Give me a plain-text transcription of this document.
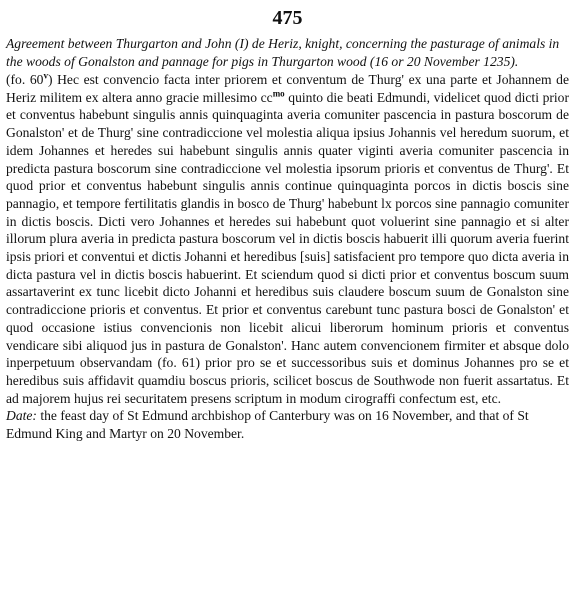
475

Agreement between Thurgarton and John (I) de Heriz, knight, concerning the pasturage of animals in the woods of Gonalston and pannage for pigs in Thurgarton wood (16 or 20 November 1235).

(fo. 60$^v$) Hec est convencio facta inter priorem et conventum de Thurg' ex una parte et Johannem de Heriz militem ex altera anno gracie millesimo $cc^{mo}$ quinto die beati Edmundi, videlicet quod dicti prior et conventus habebunt singulis annis quinquaginta averia comuniter pascencia in pastura boscorum de Gonalston' et de Thurg' sine contradiccione vel molestia aliqua ipsius Johannis vel heredum suorum, et idem Johannes et heredes sui habebunt singulis annis quater viginti averia comuniter pascencia in predicta pastura boscorum sine contradiccione vel molestia ipsorum prioris et conventus de Thurg'. Et quod prior et conventus habebunt singulis annis continue quinquaginta porcos in dictis boscis sine pannagio, et tempore fertilitatis glandis in bosco de Thurg' habebunt lx porcos sine pannagio comuniter in dictis boscis. Dicti vero Johannes et heredes sui habebunt quot voluerint sine pannagio et si alter illorum plura averia in predicta pastura boscorum vel in dictis boscis habuerit illi quorum averia fuerint ipsis priori et conventui et dictis Johanni et heredibus [suis] satisfacient pro tempore quo dicta averia in dicta pastura vel in dictis boscis habuerint. Et sciendum quod si dicti prior et conventus boscum suum assartaverint ex tunc licebit dicto Johanni et heredibus suis claudere boscum suum de Gonalston sine contradiccione prioris et conventus. Et prior et conventus carebunt tunc pastura bosci de Gonalston' et quod occasione istius convencionis non licebit alicui liberorum hominum prioris et conventus vendicare sibi aliquod jus in pastura de Gonalston'. Hanc autem convencionem firmiter et absque dolo inperpetuum observandam (fo. 61) prior pro se et successoribus suis et dominus Johannes pro se et heredibus suis affidavit quamdiu boscus prioris, scilicet boscus de Southwode non fuerit assartatus. Et ad majorem hujus rei securitatem presens scriptum in modum cirograffi confectum est, etc.

Date: the feast day of St Edmund archbishop of Canterbury was on 16 November, and that of St Edmund King and Martyr on 20 November.
